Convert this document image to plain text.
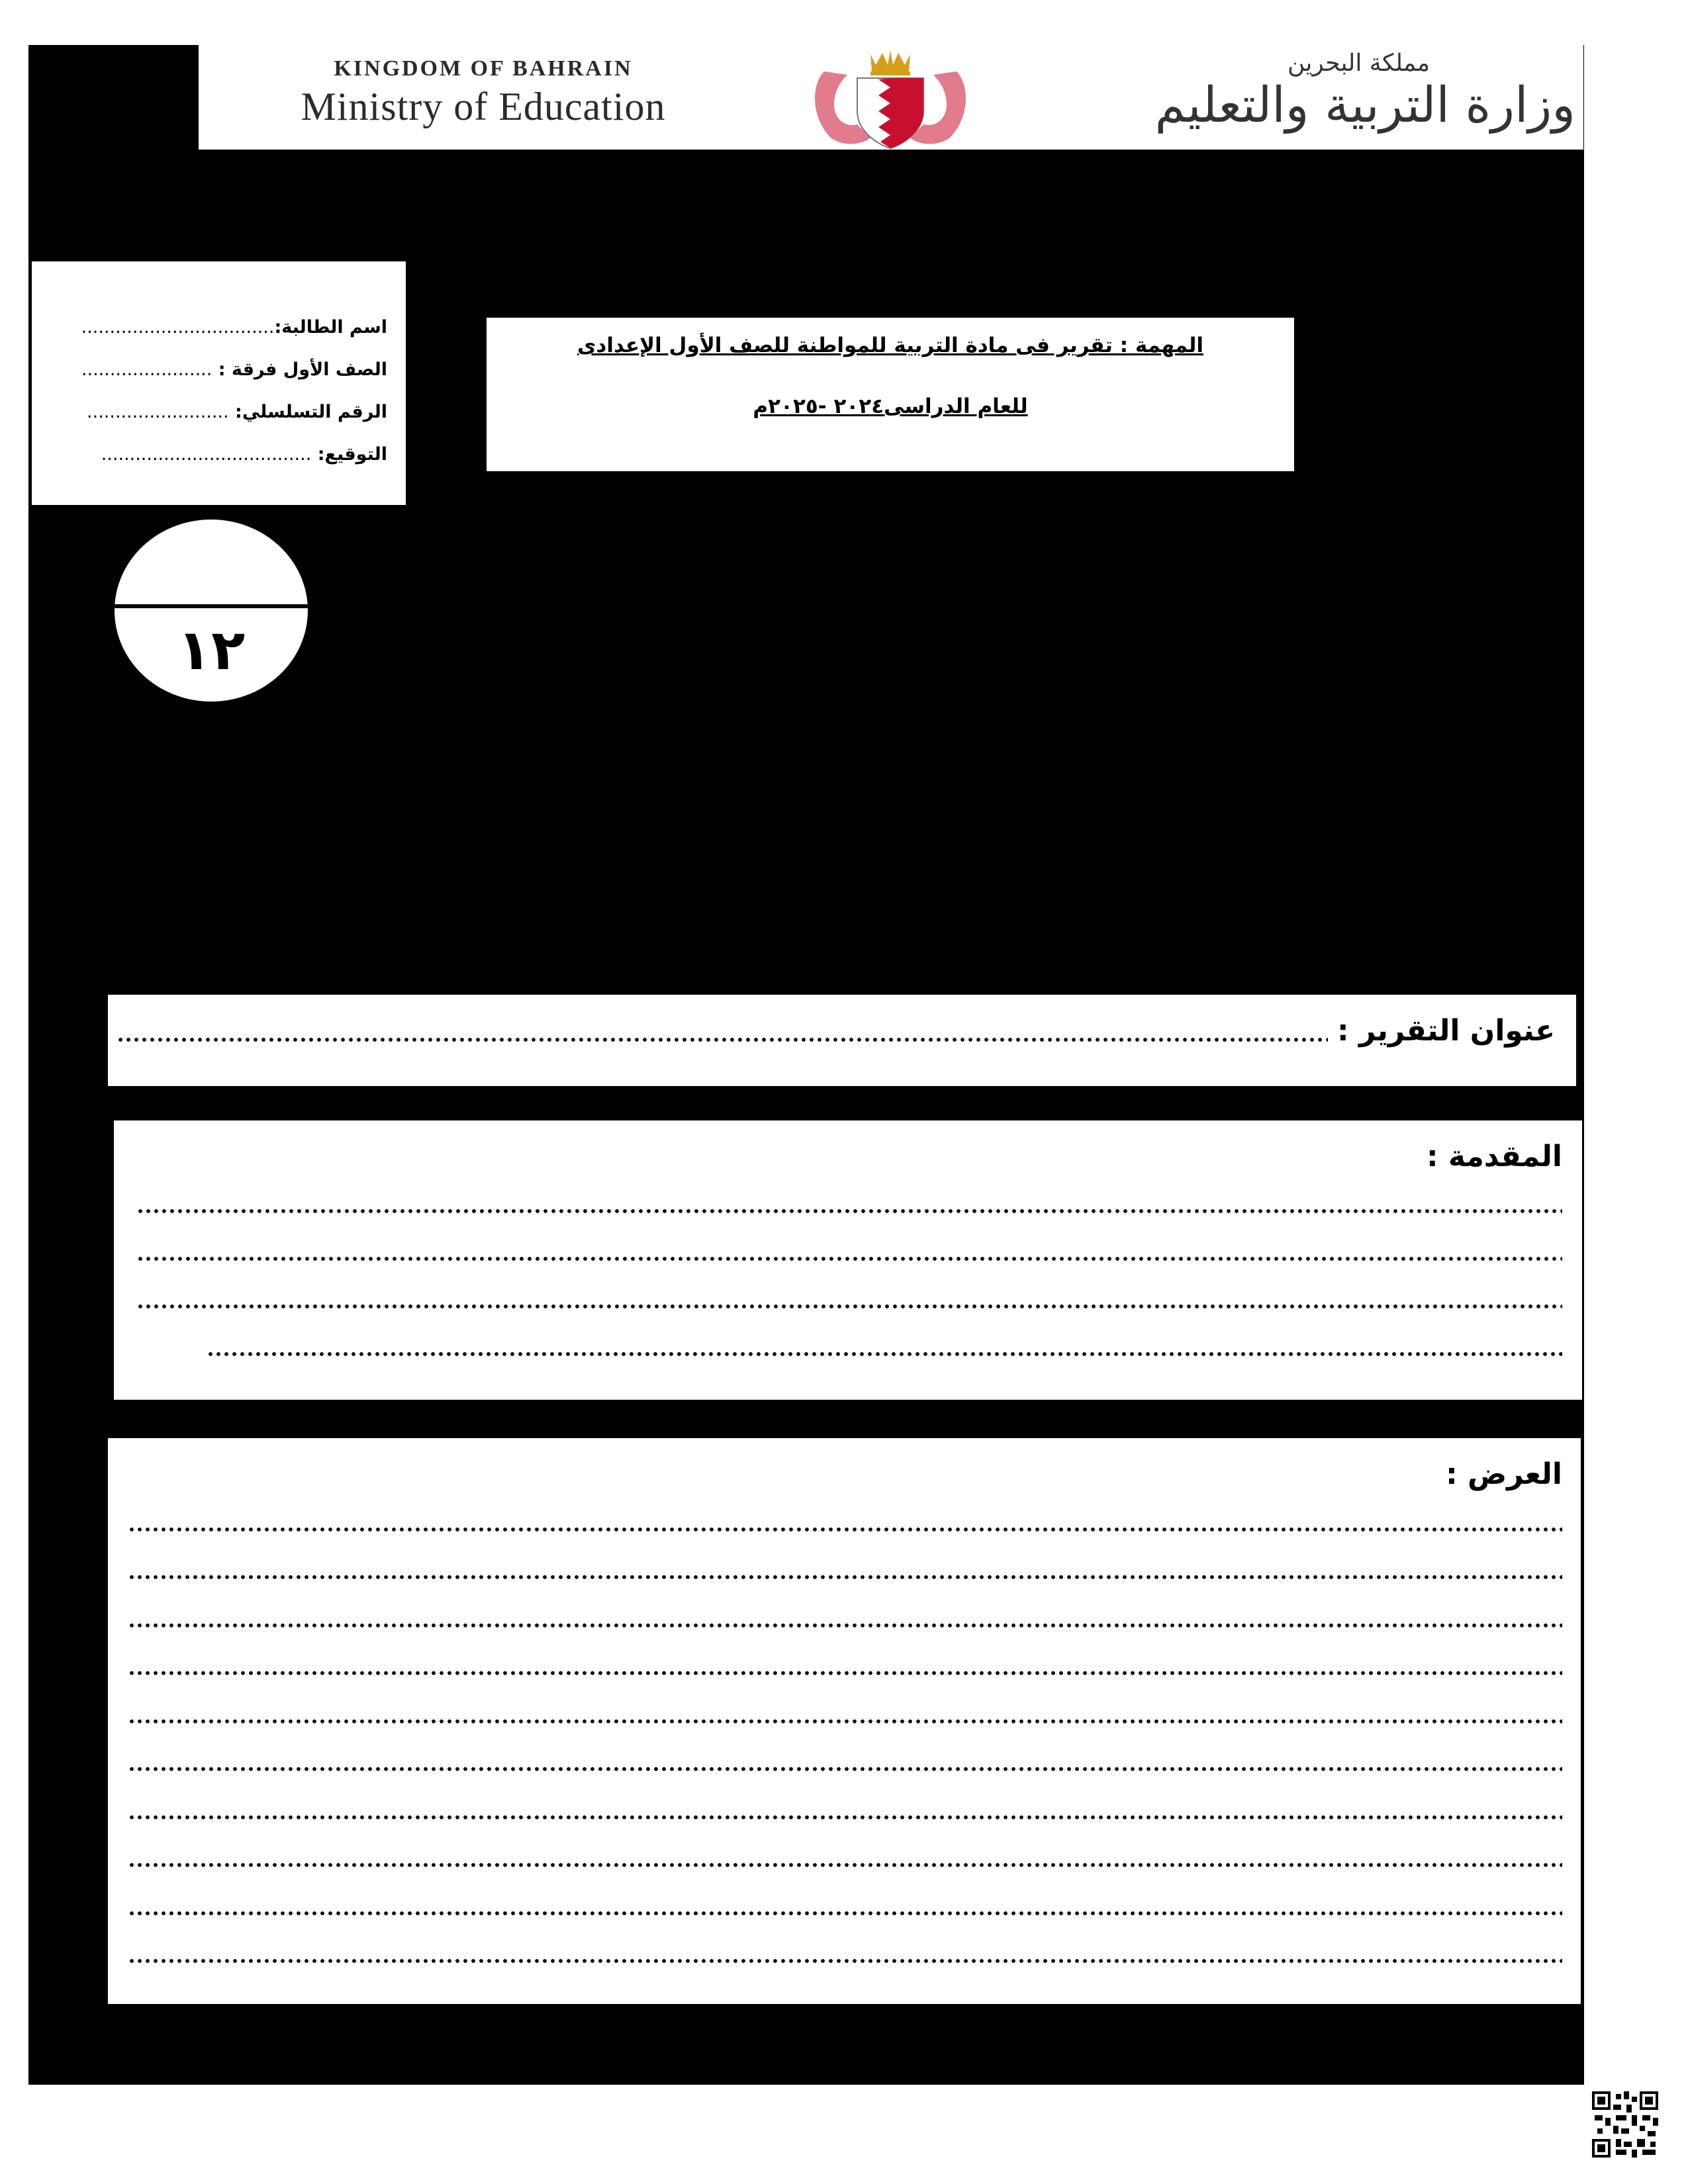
KINGDOM OF BAHRAIN
Ministry of Education
مملكة البحرين
وزارة التربية والتعليم
اسم الطالبة:..................................
الصف الأول فرقة : .......................
الرقم التسلسلي: .........................
التوقيع: .....................................
المهمة : تقرير فى مادة التربية للمواطنة للصف الأول الإعدادى
للعام الدراسى٢٠٢٤ -٢٠٢٥م
١٢
عنوان التقرير :
المقدمة :
العرض :
